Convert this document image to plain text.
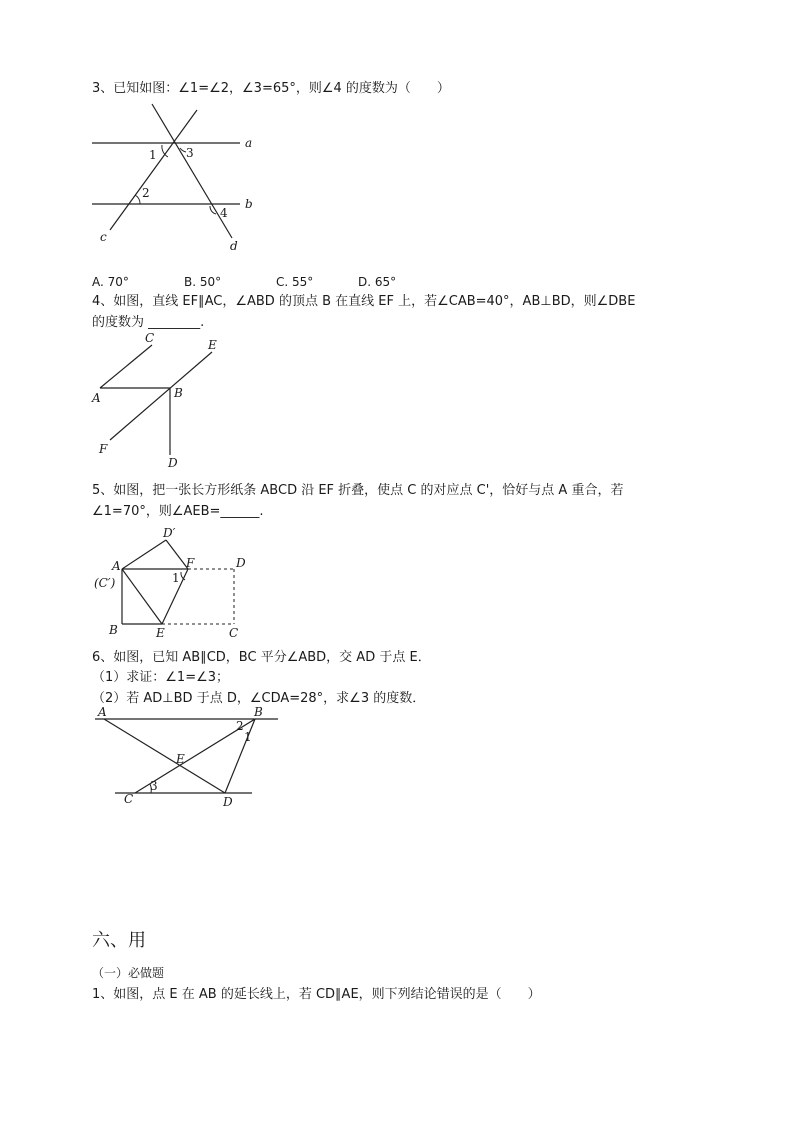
3、已知如图：∠1=∠2，∠3=65°，则∠4 的度数为（　　）
a
b
c
d
1
2
3
4
A. 70°	B. 50°	C. 55°	D. 65°
4、如图，直线 EF∥AC，∠ABD 的顶点 B 在直线 EF 上，若∠CAB=40°，AB⊥BD，则∠DBE
的度数为 ________.
C	E
A	B
F
D
5、如图，把一张长方形纸条 ABCD 沿 EF 折叠，使点 C 的对应点 C'，恰好与点 A 重合，若
∠1=70°，则∠AEB=______.
D′
A
(C′)
F	D
1
B	E	C
6、如图，已知 AB∥CD，BC 平分∠ABD，交 AD 于点 E．
（1）求证：∠1=∠3；
（2）若 AD⊥BD 于点 D，∠CDA=28°，求∠3 的度数．
A	B
2
1
E
3
C	D
六、用
（一）必做题
1、如图，点 E 在 AB 的延长线上，若 CD∥AE，则下列结论错误的是（　　）
